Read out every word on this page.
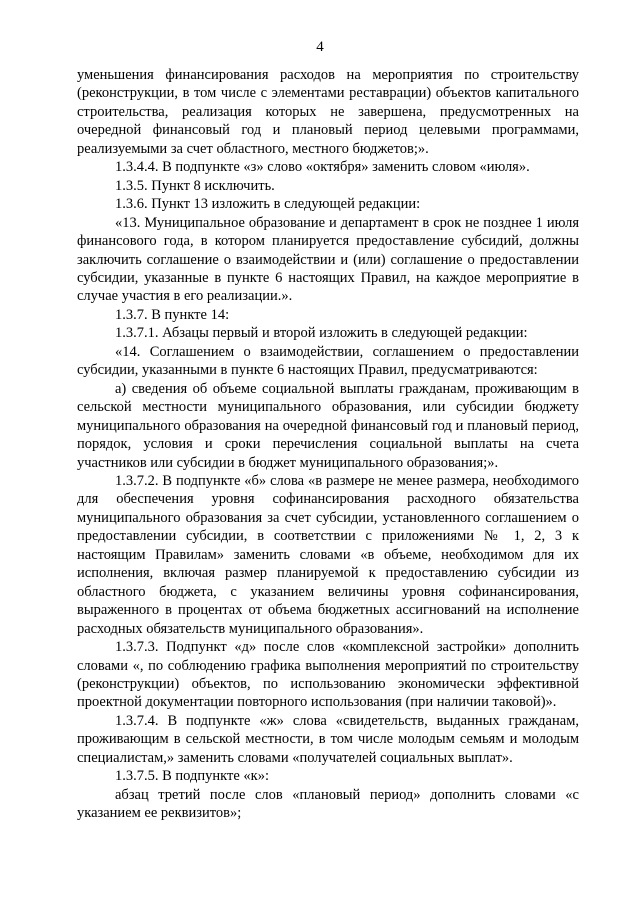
4

уменьшения финансирования расходов на мероприятия по строительству (реконструкции, в том числе с элементами реставрации) объектов капитального строительства, реализация которых не завершена, предусмотренных на очередной финансовый год и плановый период целевыми программами, реализуемыми за счет областного, местного бюджетов;».

1.3.4.4. В подпункте «з» слово «октября» заменить словом «июля».

1.3.5. Пункт 8 исключить.

1.3.6. Пункт 13 изложить в следующей редакции:

«13. Муниципальное образование и департамент в срок не позднее 1 июля финансового года, в котором планируется предоставление субсидий, должны заключить соглашение о взаимодействии и (или) соглашение о предоставлении субсидии, указанные в пункте 6 настоящих Правил, на каждое мероприятие в случае участия в его реализации.».

1.3.7. В пункте 14:

1.3.7.1. Абзацы первый и второй изложить в следующей редакции:

«14. Соглашением о взаимодействии, соглашением о предоставлении субсидии, указанными в пункте 6 настоящих Правил, предусматриваются:

а) сведения об объеме социальной выплаты гражданам, проживающим в сельской местности муниципального образования, или субсидии бюджету муниципального образования на очередной финансовый год и плановый период, порядок, условия и сроки перечисления социальной выплаты на счета участников или субсидии в бюджет муниципального образования;».

1.3.7.2. В подпункте «б» слова «в размере не менее размера, необходимого для обеспечения уровня софинансирования расходного обязательства муниципального образования за счет субсидии, установленного соглашением о предоставлении субсидии, в соответствии с приложениями № 1, 2, 3 к настоящим Правилам» заменить словами «в объеме, необходимом для их исполнения, включая размер планируемой к предоставлению субсидии из областного бюджета, с указанием величины уровня софинансирования, выраженного в процентах от объема бюджетных ассигнований на исполнение расходных обязательств муниципального образования».

1.3.7.3. Подпункт «д» после слов «комплексной застройки» дополнить словами «, по соблюдению графика выполнения мероприятий по строительству (реконструкции) объектов, по использованию экономически эффективной проектной документации повторного использования (при наличии таковой)».

1.3.7.4. В подпункте «ж» слова «свидетельств, выданных гражданам, проживающим в сельской местности, в том числе молодым семьям и молодым специалистам,» заменить словами «получателей социальных выплат».

1.3.7.5. В подпункте «к»:

абзац третий после слов «плановый период» дополнить словами «с указанием ее реквизитов»;
